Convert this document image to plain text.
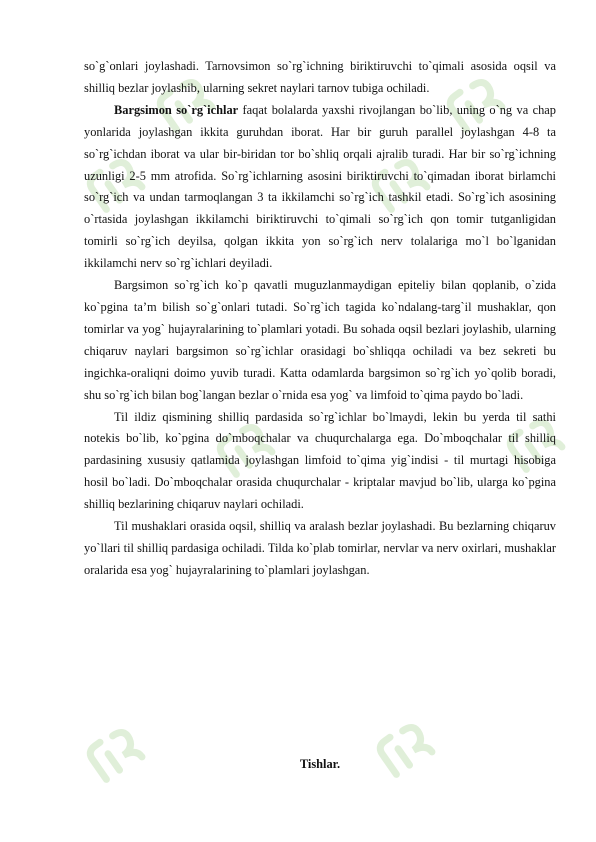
so`g`onlari joylashadi. Tarnovsimon so`rg`ichning biriktiruvchi to`qimali asosida oqsil va shilliq bezlar joylashib, ularning sekret naylari tarnov tubiga ochiladi.

Bargsimon so`rg`ichlar faqat bolalarda yaxshi rivojlangan bo`lib, uning o`ng va chap yonlarida joylashgan ikkita guruhdan iborat. Har bir guruh parallel joylashgan 4-8 ta so`rg`ichdan iborat va ular bir-biridan tor bo`shliq orqali ajralib turadi. Har bir so`rg`ichning uzunligi 2-5 mm atrofida. So`rg`ichlarning asosini biriktiruvchi to`qimadan iborat birlamchi so`rg`ich va undan tarmoqlangan 3 ta ikkilamchi so`rg`ich tashkil etadi. So`rg`ich asosining o`rtasida joylashgan ikkilamchi biriktiruvchi to`qimali so`rg`ich qon tomir tutganligidan tomirli so`rg`ich deyilsa, qolgan ikkita yon so`rg`ich nerv tolalariga mo`l bo`lganidan ikkilamchi nerv so`rg`ichlari deyiladi.

Bargsimon so`rg`ich ko`p qavatli muguzlanmaydigan epiteliy bilan qoplanib, o`zida ko`pgina ta’m bilish so`g`onlari tutadi. So`rg`ich tagida ko`ndalang-targ`il mushaklar, qon tomirlar va yog` hujayralarining to`plamlari yotadi. Bu sohada oqsil bezlari joylashib, ularning chiqaruv naylari bargsimon so`rg`ichlar orasidagi bo`shliqqa ochiladi va bez sekreti bu ingichka-oraliqni doimo yuvib turadi. Katta odamlarda bargsimon so`rg`ich yo`qolib boradi, shu so`rg`ich bilan bog`langan bezlar o`rnida esa yog` va limfoid to`qima paydo bo`ladi.

Til ildiz qismining shilliq pardasida so`rg`ichlar bo`lmaydi, lekin bu yerda til sathi notekis bo`lib, ko`pgina do`mboqchalar va chuqurchalarga ega. Do`mboqchalar til shilliq pardasining xususiy qatlamida joylashgan limfoid to`qima yig`indisi - til murtagi hisobiga hosil bo`ladi. Do`mboqchalar orasida chuqurchalar - kriptalar mavjud bo`lib, ularga ko`pgina shilliq bezlarining chiqaruv naylari ochiladi.

Til mushaklari orasida oqsil, shilliq va aralash bezlar joylashadi. Bu bezlarning chiqaruv yo`llari til shilliq pardasiga ochiladi. Tilda ko`plab tomirlar, nervlar va nerv oxirlari, mushaklar oralarida esa yog` hujayralarining to`plamlari joylashgan.

Tishlar.
